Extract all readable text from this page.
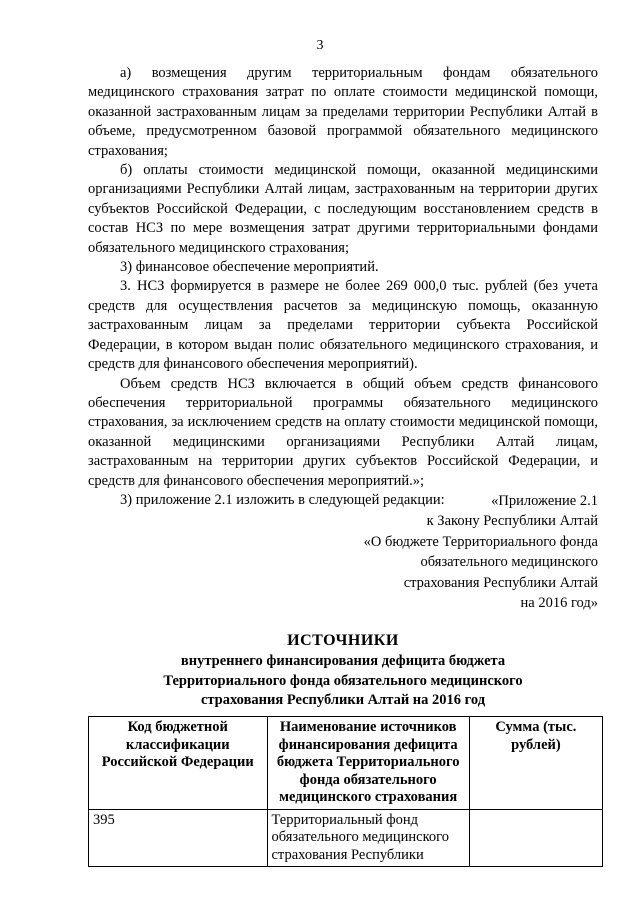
3

а) возмещения другим территориальным фондам обязательного медицинского страхования затрат по оплате стоимости медицинской помощи, оказанной застрахованным лицам за пределами территории Республики Алтай в объеме, предусмотренном базовой программой обязательного медицинского страхования;

б) оплаты стоимости медицинской помощи, оказанной медицинскими организациями Республики Алтай лицам, застрахованным на территории других субъектов Российской Федерации, с последующим восстановлением средств в состав НСЗ по мере возмещения затрат другими территориальными фондами обязательного медицинского страхования;

3) финансовое обеспечение мероприятий.

3. НСЗ формируется в размере не более 269 000,0 тыс. рублей (без учета средств для осуществления расчетов за медицинскую помощь, оказанную застрахованным лицам за пределами территории субъекта Российской Федерации, в котором выдан полис обязательного медицинского страхования, и средств для финансового обеспечения мероприятий).

Объем средств НСЗ включается в общий объем средств финансового обеспечения территориальной программы обязательного медицинского страхования, за исключением средств на оплату стоимости медицинской помощи, оказанной медицинскими организациями Республики Алтай лицам, застрахованным на территории других субъектов Российской Федерации, и средств для финансового обеспечения мероприятий.»;

3) приложение 2.1 изложить в следующей редакции:	«Приложение 2.1
к Закону Республики Алтай
«О бюджете Территориального фонда
обязательного медицинского
страхования Республики Алтай
на 2016 год»
ИСТОЧНИКИ
внутреннего финансирования дефицита бюджета
Территориального фонда обязательного медицинского
страхования Республики Алтай на 2016 год
Код бюджетной классификации Российской Федерации	Наименование источников финансирования дефицита бюджета Территориального фонда обязательного медицинского страхования	Сумма (тыс. рублей)
395	Территориальный фонд обязательного медицинского страхования Республики	
